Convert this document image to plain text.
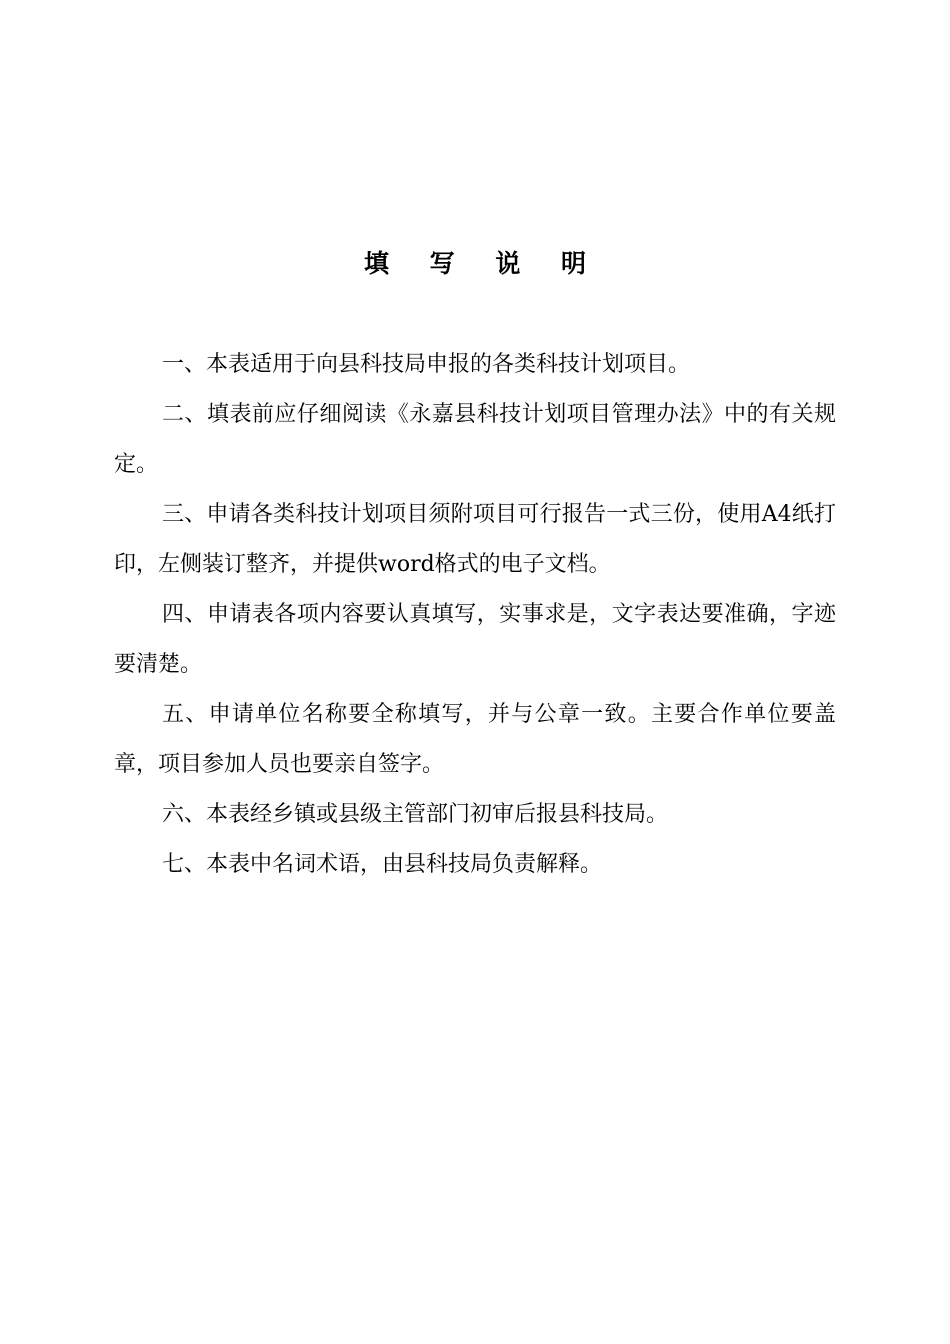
填 写 说 明

一、本表适用于向县科技局申报的各类科技计划项目。

二、填表前应仔细阅读《永嘉县科技计划项目管理办法》中的有关规定。

三、申请各类科技计划项目须附项目可行报告一式三份，使用A4纸打印，左侧装订整齐，并提供word格式的电子文档。

四、申请表各项内容要认真填写，实事求是，文字表达要准确，字迹要清楚。

五、申请单位名称要全称填写，并与公章一致。主要合作单位要盖章，项目参加人员也要亲自签字。

六、本表经乡镇或县级主管部门初审后报县科技局。

七、本表中名词术语，由县科技局负责解释。
